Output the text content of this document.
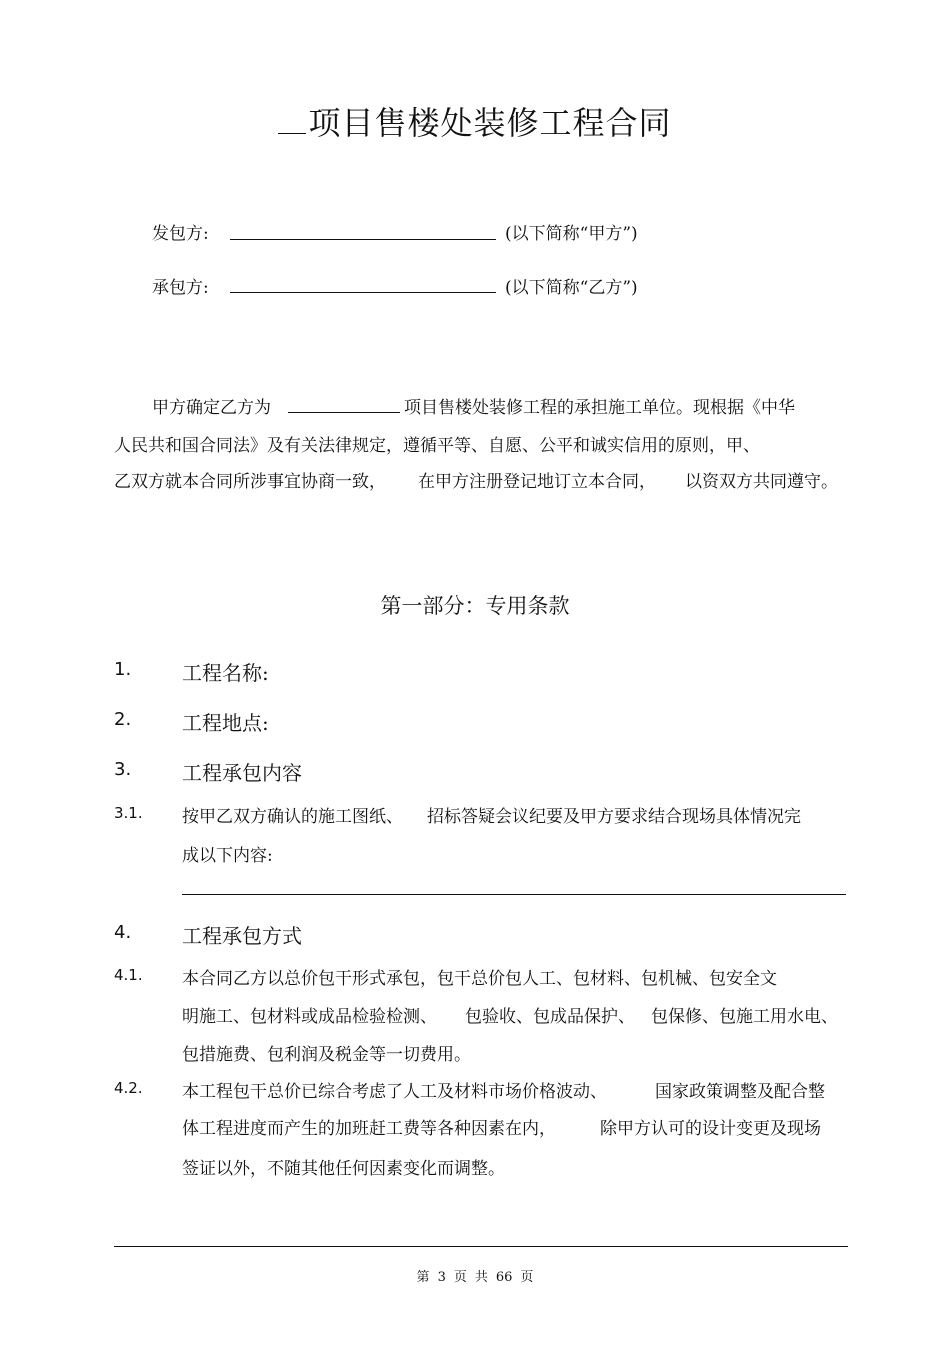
项目售楼处装修工程合同
发包方:	(以下简称“甲方”)
承包方:	(以下简称“乙方”)
甲方确定乙方为	项目售楼处装修工程的承担施工单位。现根据《中华
人民共和国合同法》及有关法律规定，遵循平等、自愿、公平和诚实信用的原则，甲、
乙双方就本合同所涉事宜协商一致， 在甲方注册登记地订立本合同， 以资双方共同遵守。
第一部分：专用条款
1.	工程名称:
2.	工程地点:
3.	工程承包内容
3.1. 按甲乙双方确认的施工图纸、 招标答疑会议纪要及甲方要求结合现场具体情况完
成以下内容:
4.	工程承包方式
4.1. 本合同乙方以总价包干形式承包，包干总价包人工、包材料、包机械、包安全文
明施工、包材料或成品检验检测、 包验收、包成品保护、 包保修、包施工用水电、
包措施费、包利润及税金等一切费用。
4.2. 本工程包干总价已综合考虑了人工及材料市场价格波动、	国家政策调整及配合整
体工程进度而产生的加班赶工费等各种因素在内，	除甲方认可的设计变更及现场
签证以外，不随其他任何因素变化而调整。
第 3 页 共 66 页
